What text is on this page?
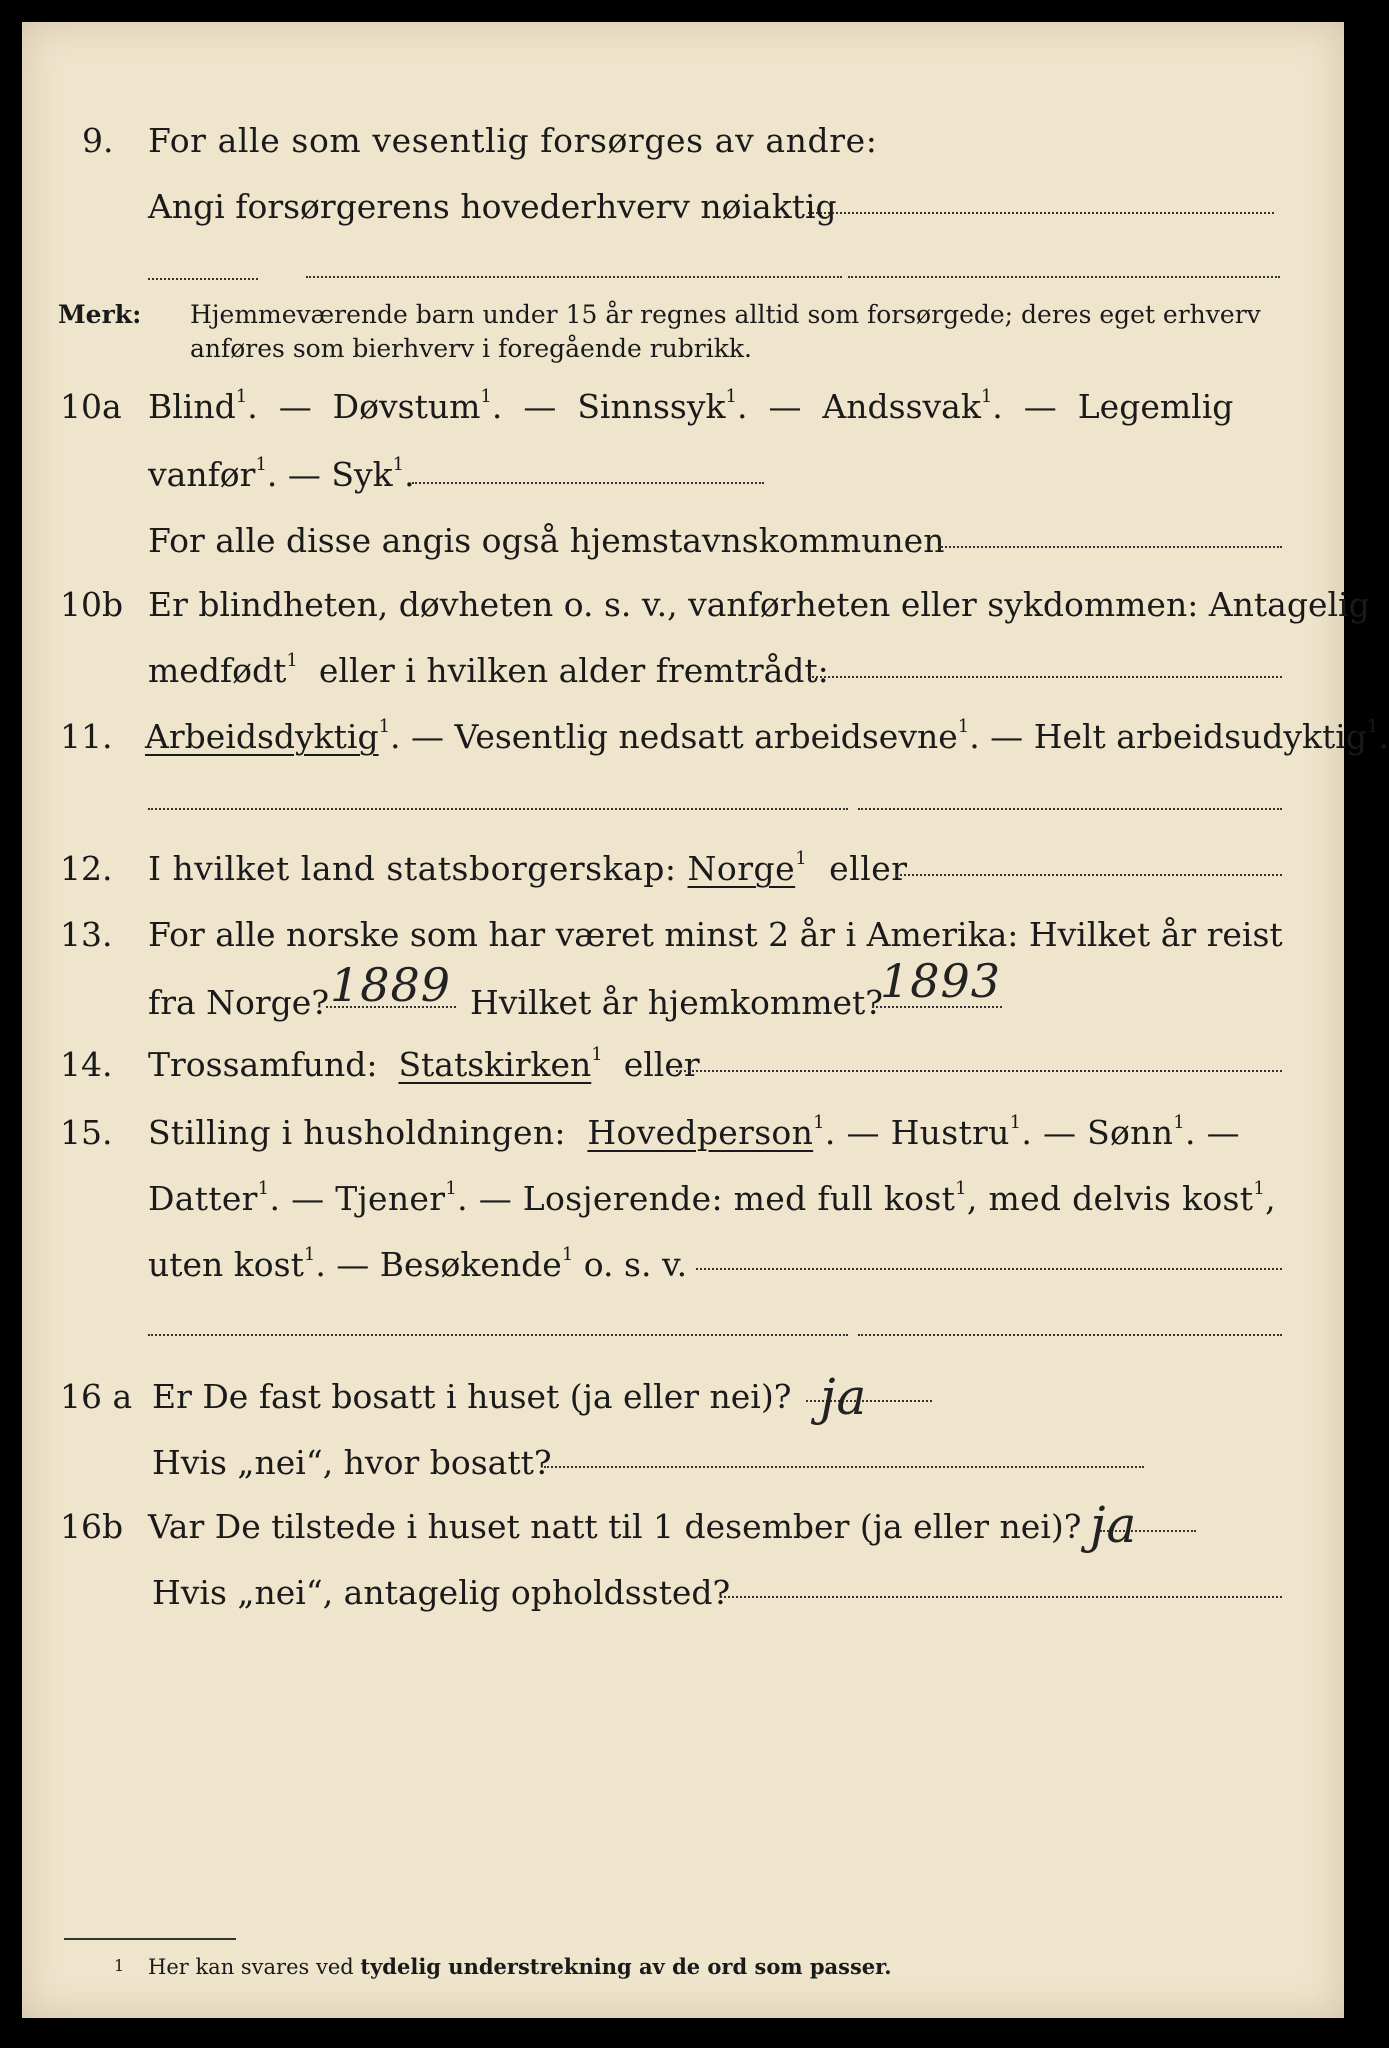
9. For alle som vesentlig forsørges av andre:
Angi forsørgerens hovederhverv nøiaktig
Merk: Hjemmeværende barn under 15 år regnes alltid som forsørgede; deres eget erhverv
anføres som bierhverv i foregående rubrikk.
10a Blind$^1$.  — Døvstum$^1$.  — Sinnssyk$^1$.  — Andssvak$^1$.  — Legemlig
vanfør$^1$. — Syk$^1$.
For alle disse angis også hjemstavnskommunen
10b Er blindheten, døvheten o. s. v., vanførheten eller sykdommen: Antagelig
medfødt$^1$ eller i hvilken alder fremtrådt:
11. Arbeidsdyktig$^1$. — Vesentlig nedsatt arbeidsevne$^1$. — Helt arbeidsudyktig$^1$.
12. I hvilket land statsborgerskap: Norge$^1$ eller
13. For alle norske som har været minst 2 år i Amerika: Hvilket år reist
fra Norge? 1889 Hvilket år hjemkommet?
1893
14. Trossamfund: Statskirken$^1$ eller
15. Stilling i husholdningen: Hovedperson$^1$. — Hustru$^1$. — Sønn$^1$. —
Datter$^1$. — Tjener$^1$. — Losjerende: med full kost$^1$, med delvis kost$^1$,
uten kost$^1$. — Besøkende$^1$ o. s. v.
16 a Er De fast bosatt i huset (ja eller nei)? ja
Hvis „nei“, hvor bosatt?
16b Var De tilstede i huset natt til 1 desember (ja eller nei)? ja
Hvis „nei“, antagelig opholdssted?
1 Her kan svares ved tydelig understrekning av de ord som passer.
